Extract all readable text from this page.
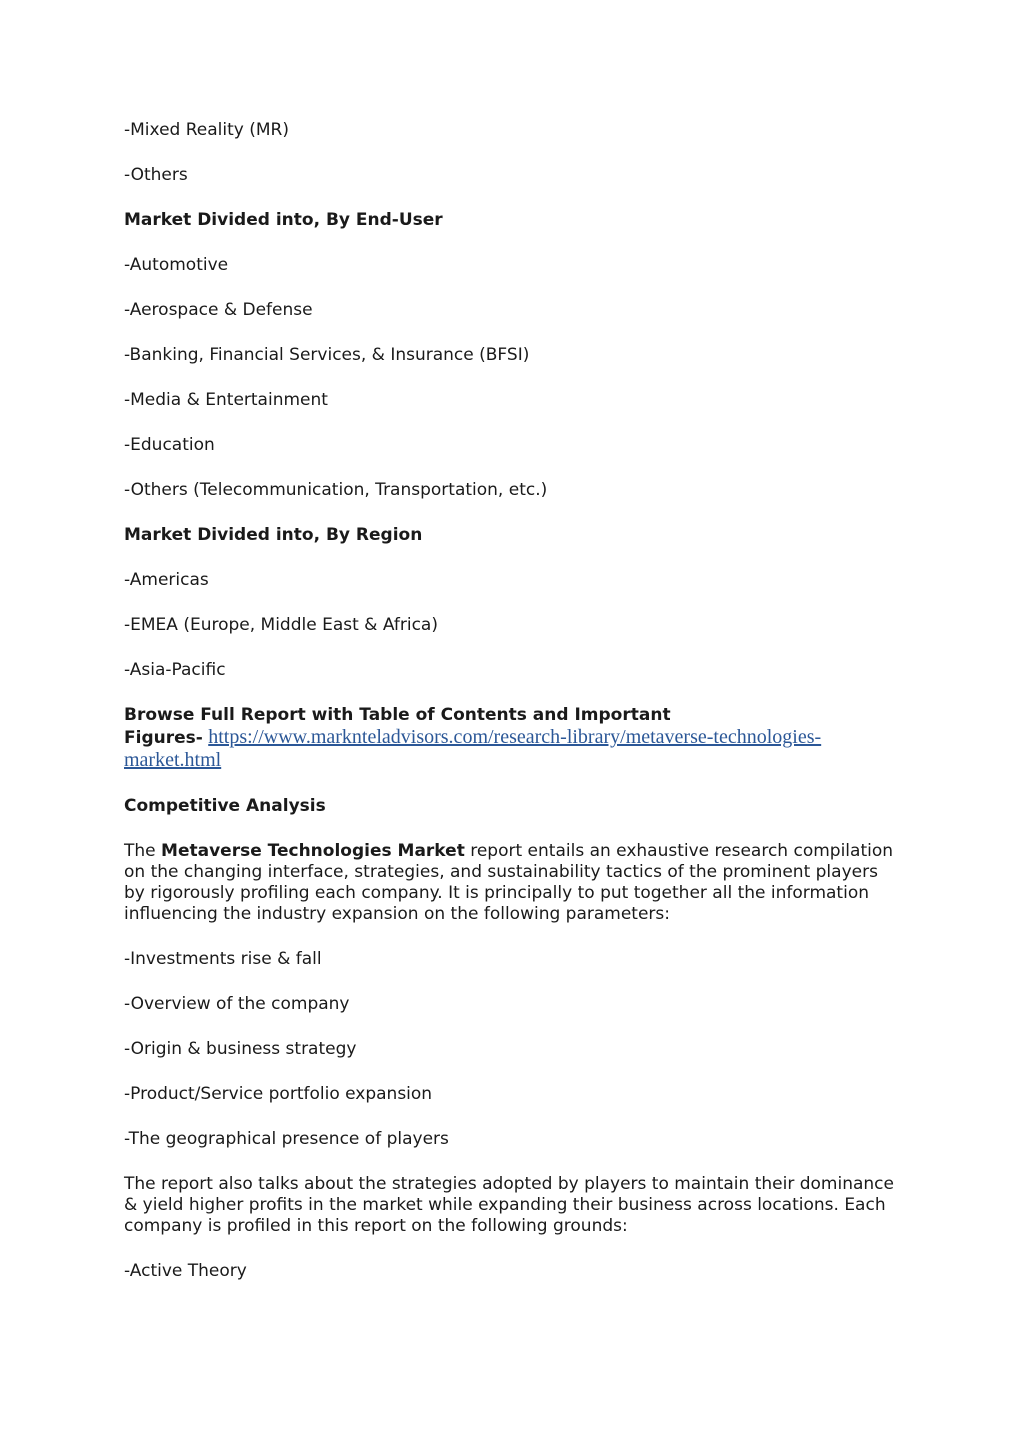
-Mixed Reality (MR)

-Others

Market Divided into, By End-User

-Automotive

-Aerospace & Defense

-Banking, Financial Services, & Insurance (BFSI)

-Media & Entertainment

-Education

-Others (Telecommunication, Transportation, etc.)

Market Divided into, By Region

-Americas

-EMEA (Europe, Middle East & Africa)

-Asia-Pacific

Browse Full Report with Table of Contents and Important
Figures- https://www.marknteladvisors.com/research-library/metaverse-technologies-
market.html

Competitive Analysis

The Metaverse Technologies Market report entails an exhaustive research compilation on the changing interface, strategies, and sustainability tactics of the prominent players by rigorously profiling each company. It is principally to put together all the information influencing the industry expansion on the following parameters:

-Investments rise & fall

-Overview of the company

-Origin & business strategy

-Product/Service portfolio expansion

-The geographical presence of players

The report also talks about the strategies adopted by players to maintain their dominance & yield higher profits in the market while expanding their business across locations. Each company is profiled in this report on the following grounds:

-Active Theory
